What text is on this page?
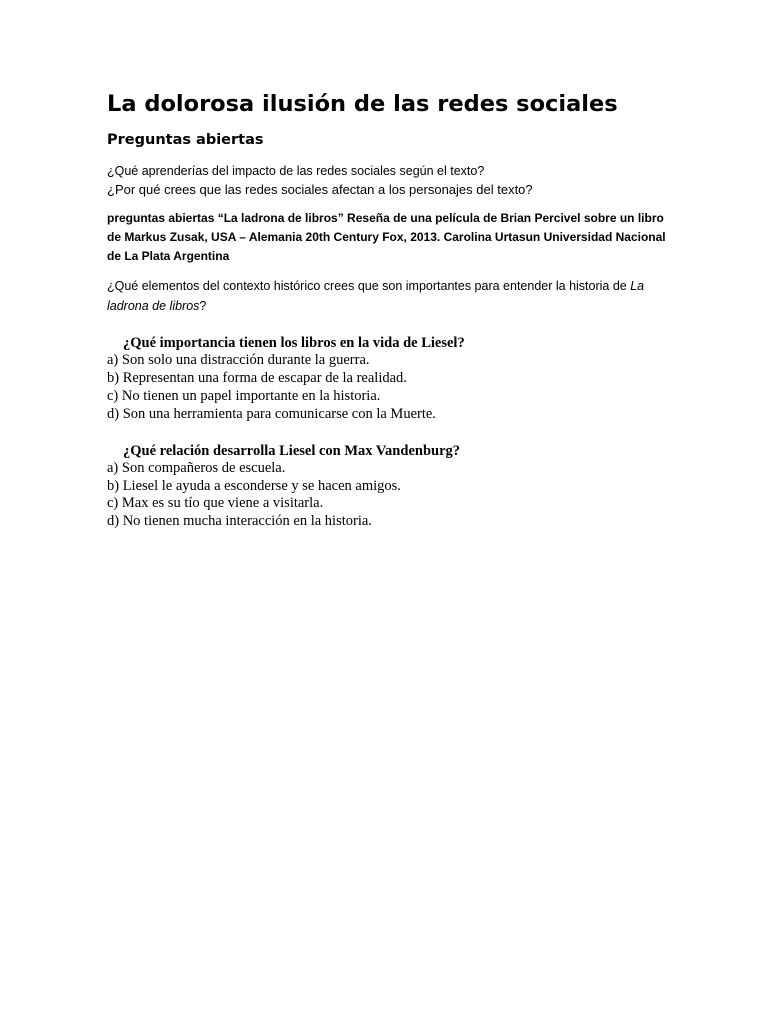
La dolorosa ilusión de las redes sociales
Preguntas abiertas
¿Qué aprenderías del impacto de las redes sociales según el texto?
¿Por qué crees que las redes sociales afectan a los personajes del texto?

preguntas abiertas “La ladrona de libros” Reseña de una película de Brian Percivel sobre un libro de Markus Zusak, USA – Alemania 20th Century Fox, 2013. Carolina Urtasun Universidad Nacional de La Plata Argentina

¿Qué elementos del contexto histórico crees que son importantes para entender la historia de La ladrona de libros?

¿Qué importancia tienen los libros en la vida de Liesel?
a) Son solo una distracción durante la guerra.
b) Representan una forma de escapar de la realidad.
c) No tienen un papel importante en la historia.
d) Son una herramienta para comunicarse con la Muerte.
¿Qué relación desarrolla Liesel con Max Vandenburg?
a) Son compañeros de escuela.
b) Liesel le ayuda a esconderse y se hacen amigos.
c) Max es su tío que viene a visitarla.
d) No tienen mucha interacción en la historia.
